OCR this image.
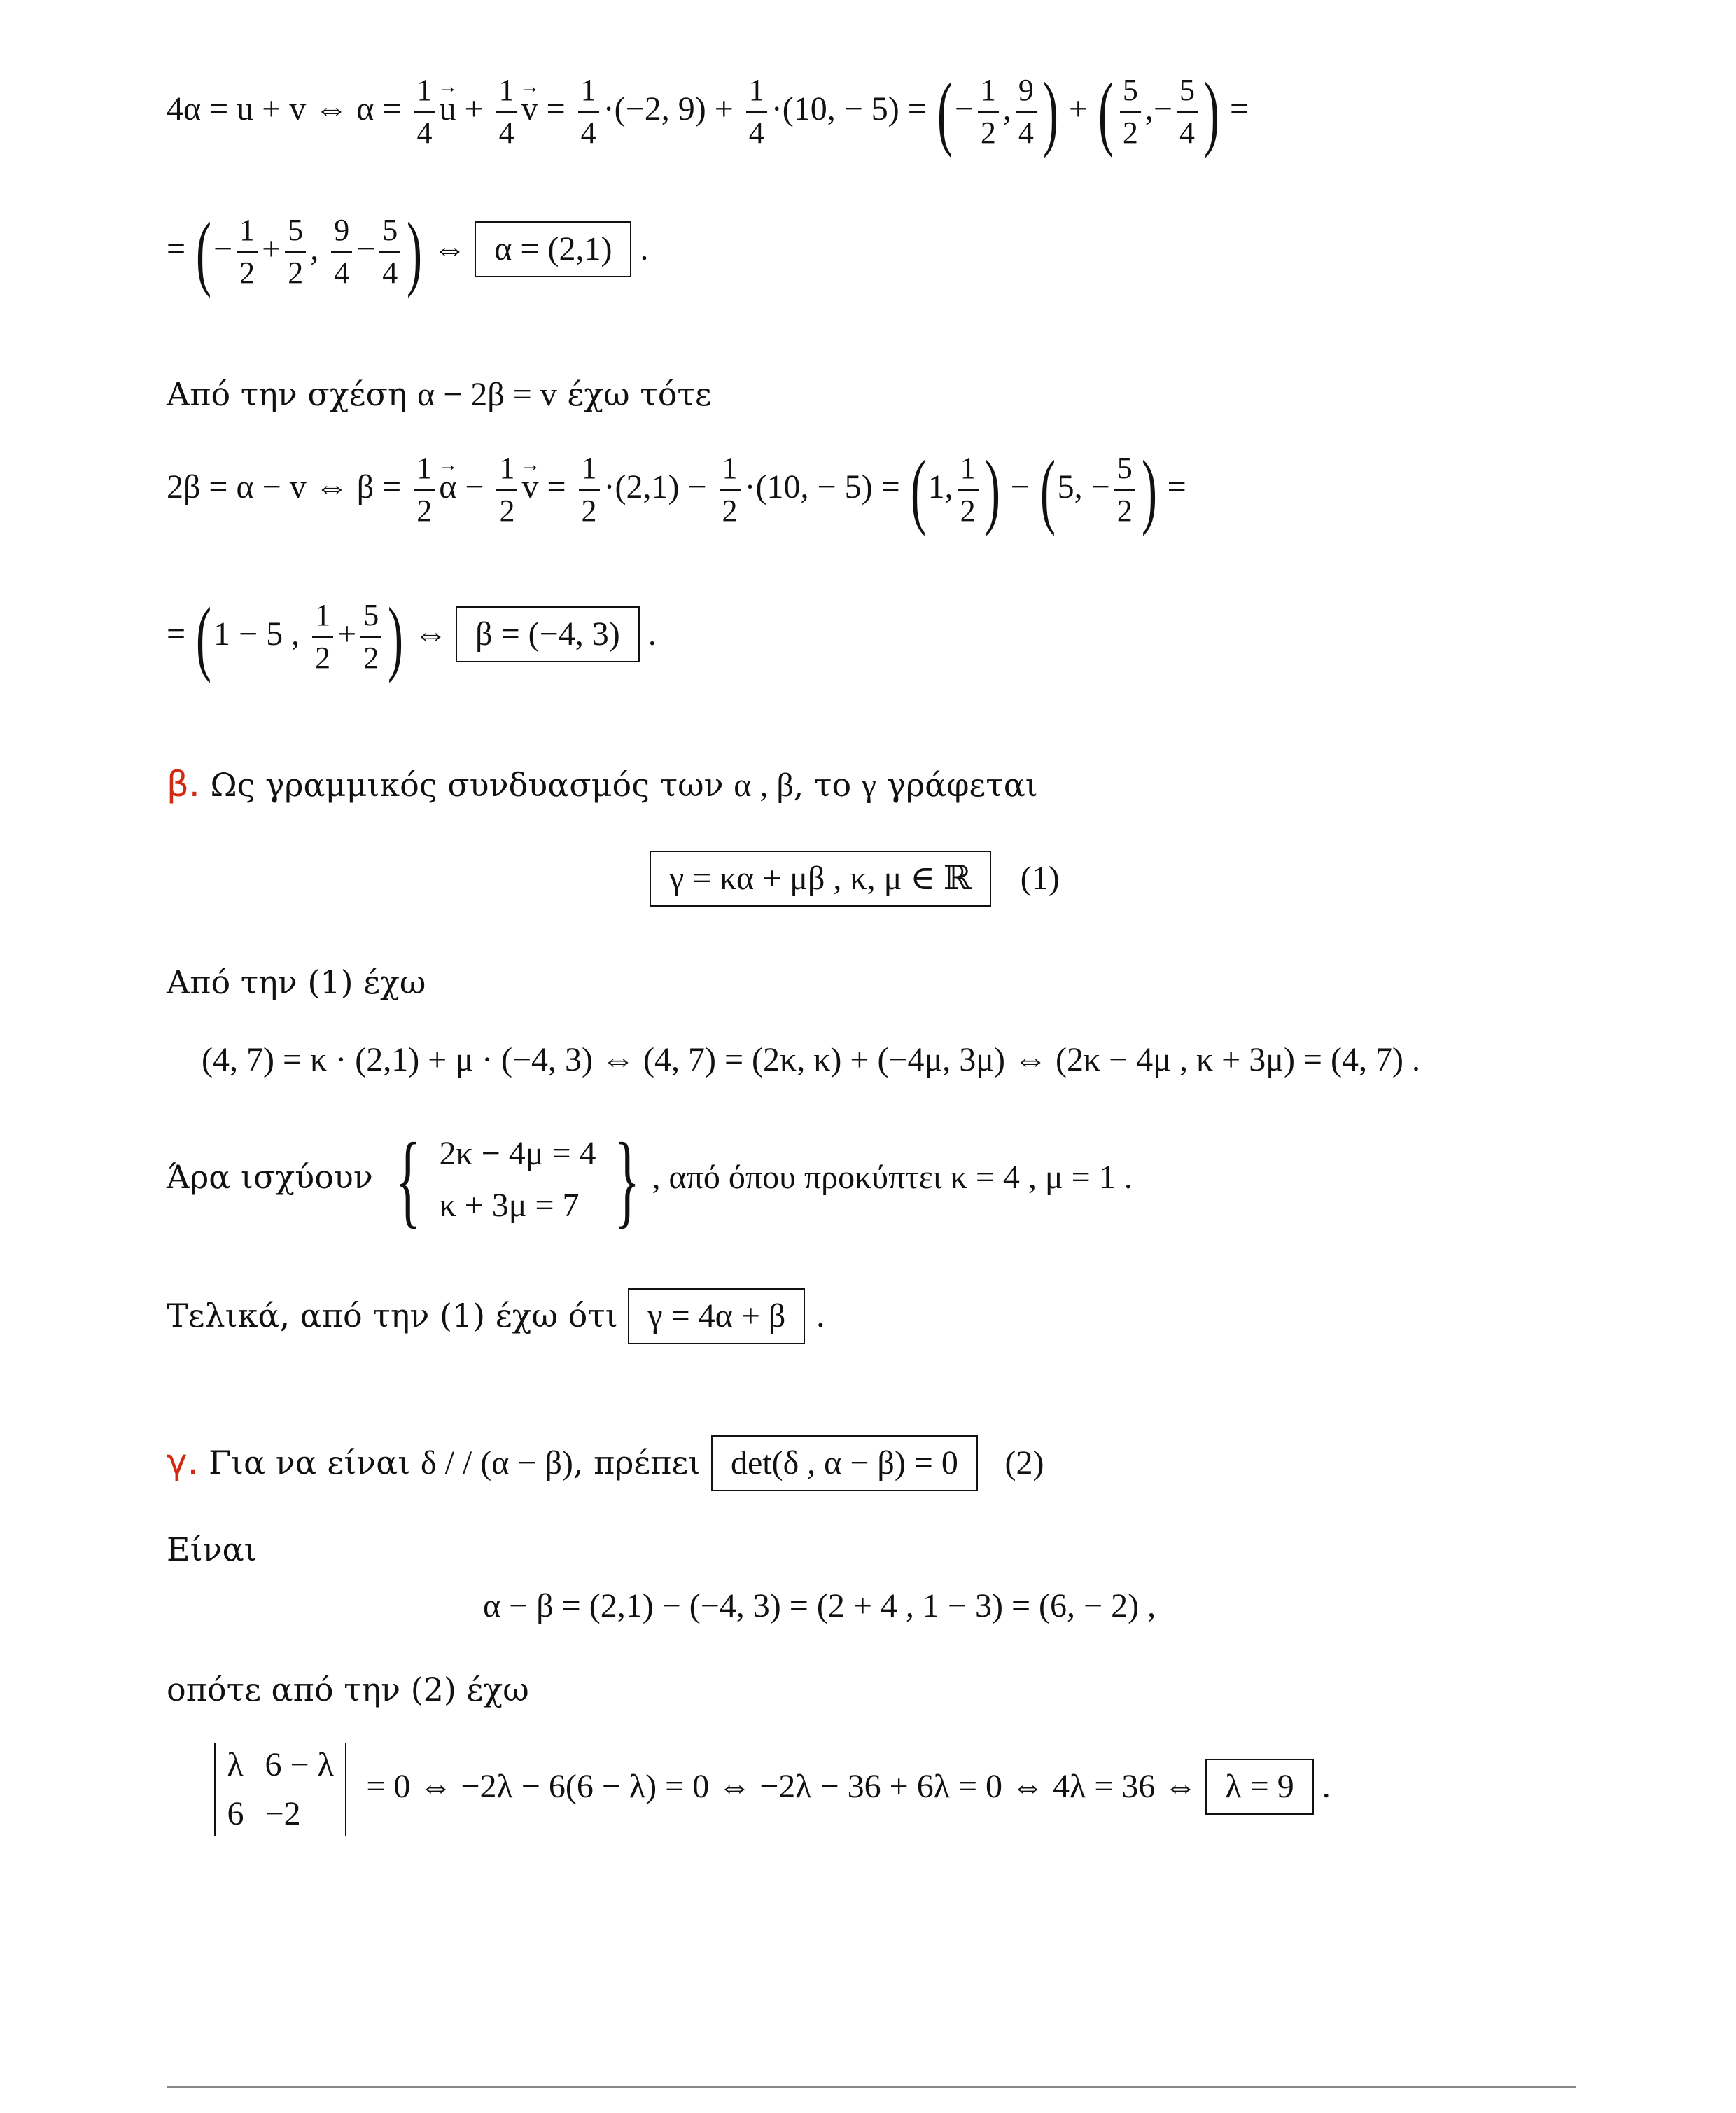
4α = u + v ⇔ $\alpha = \frac{1}{4}$
→ $u + \frac{1}{4}$
→ $v = \frac{1}{4} \cdot(-2$, $9) + \frac{1}{4} \cdot(10$, − 5) = (− $\frac{1}{2}$ , $\frac{9}{4}$ ) + ( $\frac{5}{2}$ ,− $\frac{5}{4}$ ) =
= (− $\frac{1}{2} + \frac{5}{2}$ , $\frac{9}{4} - \frac{5}{4}$ ) ⇔ α = (2,1) .
Από την σχέση α − 2β = v έχω τότε
2β = α − v ⇔ $\beta = \frac{1}{2}$
→ $\alpha - \frac{1}{2}$
→ $v = \frac{1}{2} \cdot(2,1) - \frac{1}{2} \cdot(10$, − 5) = (1, $\frac{1}{2}$ ) − (5, − $\frac{5}{2}$ ) =
= (1 − 5 , $\frac{1}{2} + \frac{5}{2}$ ) ⇔ β = (−4, 3) .
β. Ως γραμμικός συνδυασμός των α , β, το γ γράφεται
γ = κα + μβ , κ, μ ∈ ℝ (1)
Από την (1) έχω
(4, 7) = κ · (2,1) + μ · (−4, 3) ⇔ (4, 7) = (2κ, κ) + (−4μ, 3μ) ⇔ (2κ − 4μ , κ + 3μ) = (4, 7) .
Άρα ισχύουν { 2κ − 4μ = 4
κ + 3μ = 7 } , από όπου προκύπτει κ = 4 , μ = 1 .
Τελικά, από την (1) έχω ότι γ = 4α + β .
γ. Για να είναι δ / / (α − β), πρέπει det(δ , α − β) = 0 (2)
Είναι
α − β = (2,1) − (−4, 3) = (2 + 4 , 1 − 3) = (6, − 2) ,
οπότε από την (2) έχω
λ 6 − λ
6 −2
= 0 ⇔ −2λ − 6(6 − λ) = 0 ⇔ −2λ − 36 + 6λ = 0 ⇔ 4λ = 36 ⇔ λ = 9 .
